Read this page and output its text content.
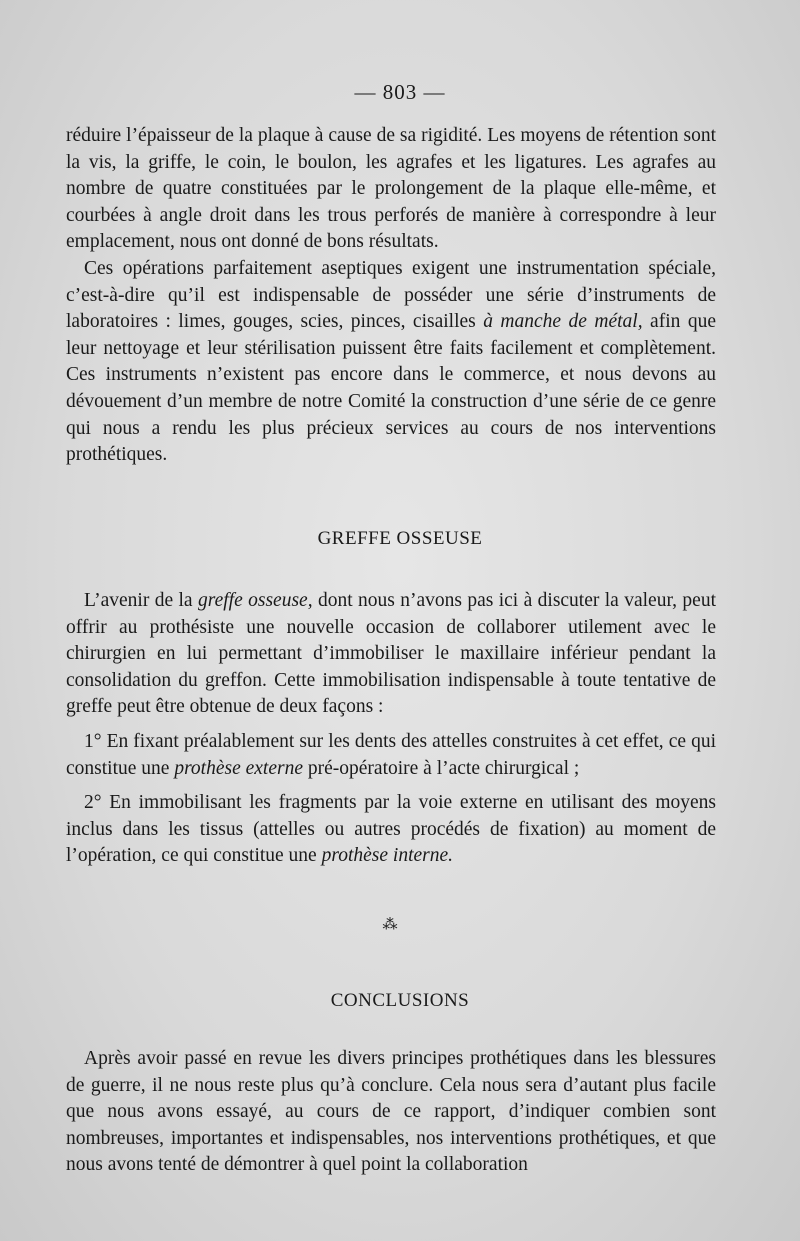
— 803 —

réduire l’épaisseur de la plaque à cause de sa rigidité. Les moyens de rétention sont la vis, la griffe, le coin, le boulon, les agrafes et les ligatures. Les agrafes au nombre de quatre constituées par le prolongement de la plaque elle-même, et courbées à angle droit dans les trous perforés de manière à correspondre à leur emplacement, nous ont donné de bons résultats.

Ces opérations parfaitement aseptiques exigent une instrumentation spéciale, c’est-à-dire qu’il est indispensable de posséder une série d’instruments de laboratoires : limes, gouges, scies, pinces, cisailles à manche de métal, afin que leur nettoyage et leur stérilisation puissent être faits facilement et complètement. Ces instruments n’existent pas encore dans le commerce, et nous devons au dévouement d’un membre de notre Comité la construction d’une série de ce genre qui nous a rendu les plus précieux services au cours de nos interventions prothétiques.

GREFFE OSSEUSE

L’avenir de la greffe osseuse, dont nous n’avons pas ici à discuter la valeur, peut offrir au prothésiste une nouvelle occasion de collaborer utilement avec le chirurgien en lui permettant d’immobiliser le maxillaire inférieur pendant la consolidation du greffon. Cette immobilisation indispensable à toute tentative de greffe peut être obtenue de deux façons :

1° En fixant préalablement sur les dents des attelles construites à cet effet, ce qui constitue une prothèse externe pré-opératoire à l’acte chirurgical ;

2° En immobilisant les fragments par la voie externe en utilisant des moyens inclus dans les tissus (attelles ou autres procédés de fixation) au moment de l’opération, ce qui constitue une prothèse interne.

⁂
CONCLUSIONS

Après avoir passé en revue les divers principes prothétiques dans les blessures de guerre, il ne nous reste plus qu’à conclure. Cela nous sera d’autant plus facile que nous avons essayé, au cours de ce rapport, d’indiquer combien sont nombreuses, importantes et indispensables, nos interventions prothétiques, et que nous avons tenté de démontrer à quel point la collaboration
